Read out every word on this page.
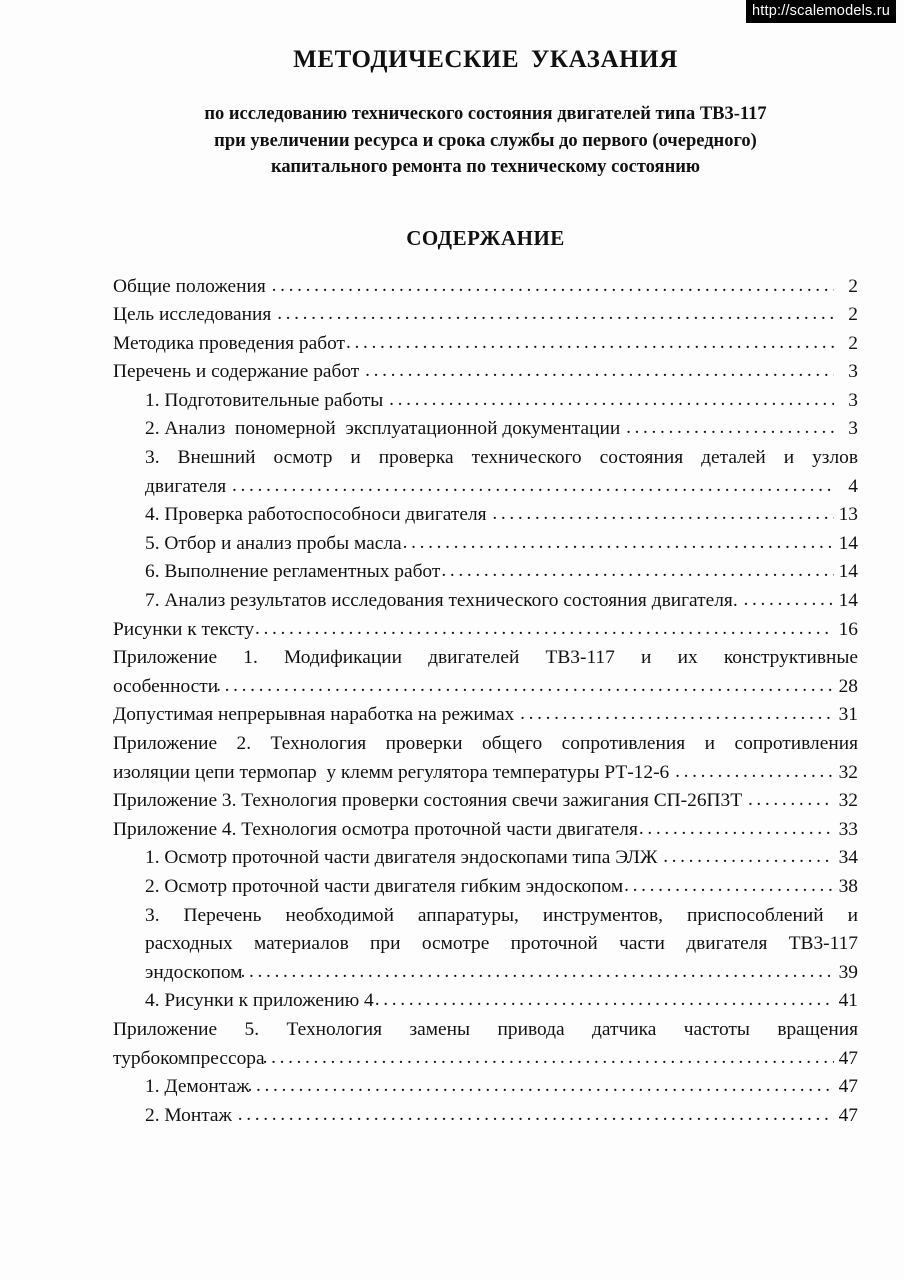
http://scalemodels.ru
МЕТОДИЧЕСКИЕ УКАЗАНИЯ
по исследованию технического состояния двигателей типа ТВ3-117
при увеличении ресурса и срока службы до первого (очередного)
капитального ремонта по техническому состоянию
СОДЕРЖАНИЕ
Общие положения . . .	2
Цель исследования . . .	2
Методика проведения работ . . .	2
Перечень и содержание работ . . .	3
1. Подготовительные работы . . .	3
2. Анализ  пономерной  эксплуатационной документации . . .	3
3. Внешний осмотр и проверка технического состояния деталей и узлов
двигателя . . .	4
4. Проверка работоспособноси двигателя . . .	13
5. Отбор и анализ пробы масла . . .	14
6. Выполнение регламентных работ . . .	14
7. Анализ результатов исследования технического состояния двигателя. . . .	14
Рисунки к тексту . . .	16
Приложение 1. Модификации двигателей ТВ3-117 и их конструктивные
особенности . . .	28
Допустимая непрерывная наработка на режимах . . .	31
Приложение 2. Технология проверки общего сопротивления и сопротивления
изоляции цепи термопар  у клемм регулятора температуры РТ-12-6 . . .	32
Приложение 3. Технология проверки состояния свечи зажигания СП-26П3Т . . .	32
Приложение 4. Технология осмотра проточной части двигателя . . .	33
1. Осмотр проточной части двигателя эндоскопами типа ЭЛЖ . . .	34
2. Осмотр проточной части двигателя гибким эндоскопом . . .	38
3. Перечень необходимой аппаратуры, инструментов, приспособлений и
расходных материалов при осмотре проточной части двигателя ТВ3-117
эндоскопом . . .	39
4. Рисунки к приложению 4 . . .	41
Приложение 5. Технология замены привода датчика частоты вращения
турбокомпрессора . . .	47
1. Демонтаж . . .	47
2. Монтаж . . .	47
